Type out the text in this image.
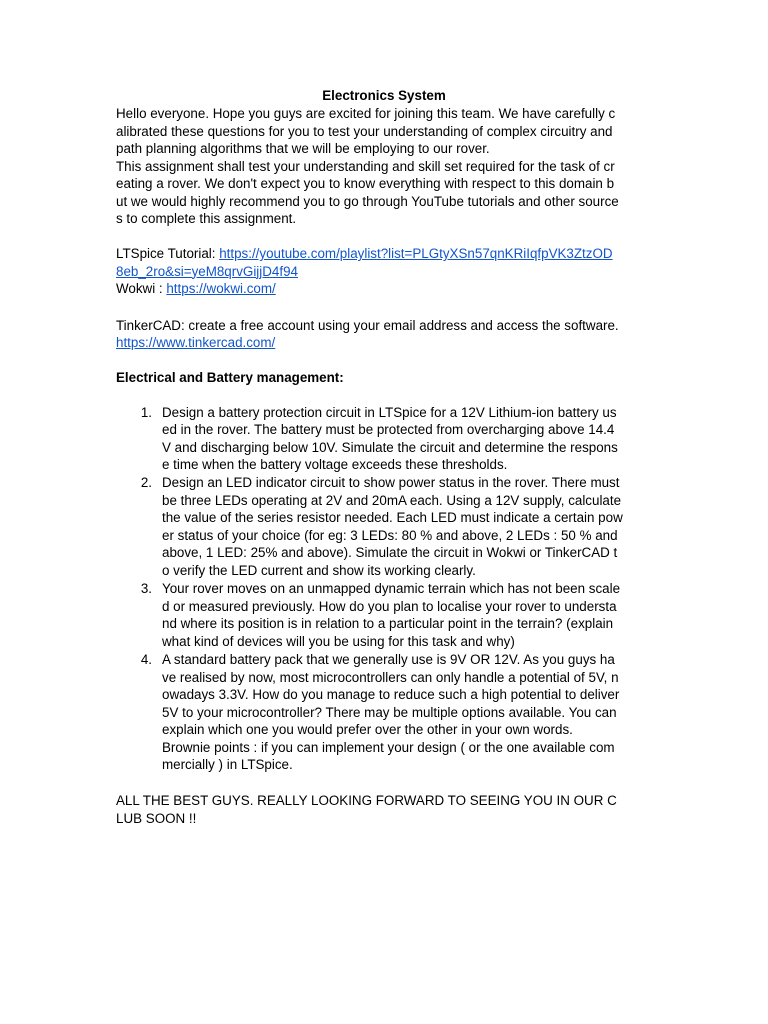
Electronics System
Hello everyone. Hope you guys are excited for joining this team. We have carefully c
alibrated these questions for you to test your understanding of complex circuitry and
path planning algorithms that we will be employing to our rover.
This assignment shall test your understanding and skill set required for the task of cr
eating a rover. We don't expect you to know everything with respect to this domain b
ut we would highly recommend you to go through YouTube tutorials and other source
s to complete this assignment.
LTSpice Tutorial: https://youtube.com/playlist?list=PLGtyXSn57qnKRiIqfpVK3ZtzOD
8eb_2ro&si=yeM8qrvGijjD4f94
Wokwi : https://wokwi.com/
TinkerCAD: create a free account using your email address and access the software.
https://www.tinkercad.com/
Electrical and Battery management:
1. Design a battery protection circuit in LTSpice for a 12V Lithium-ion battery us
ed in the rover. The battery must be protected from overcharging above 14.4
V and discharging below 10V. Simulate the circuit and determine the respons
e time when the battery voltage exceeds these thresholds.
2. Design an LED indicator circuit to show power status in the rover. There must
be three LEDs operating at 2V and 20mA each. Using a 12V supply, calculate
the value of the series resistor needed. Each LED must indicate a certain pow
er status of your choice (for eg: 3 LEDs: 80 % and above, 2 LEDs : 50 % and
above, 1 LED: 25% and above). Simulate the circuit in Wokwi or TinkerCAD t
o verify the LED current and show its working clearly.
3. Your rover moves on an unmapped dynamic terrain which has not been scale
d or measured previously. How do you plan to localise your rover to understa
nd where its position is in relation to a particular point in the terrain? (explain
what kind of devices will you be using for this task and why)
4. A standard battery pack that we generally use is 9V OR 12V. As you guys ha
ve realised by now, most microcontrollers can only handle a potential of 5V, n
owadays 3.3V. How do you manage to reduce such a high potential to deliver
5V to your microcontroller? There may be multiple options available. You can
explain which one you would prefer over the other in your own words.
Brownie points : if you can implement your design ( or the one available com
mercially ) in LTSpice.
ALL THE BEST GUYS. REALLY LOOKING FORWARD TO SEEING YOU IN OUR C
LUB SOON !!
